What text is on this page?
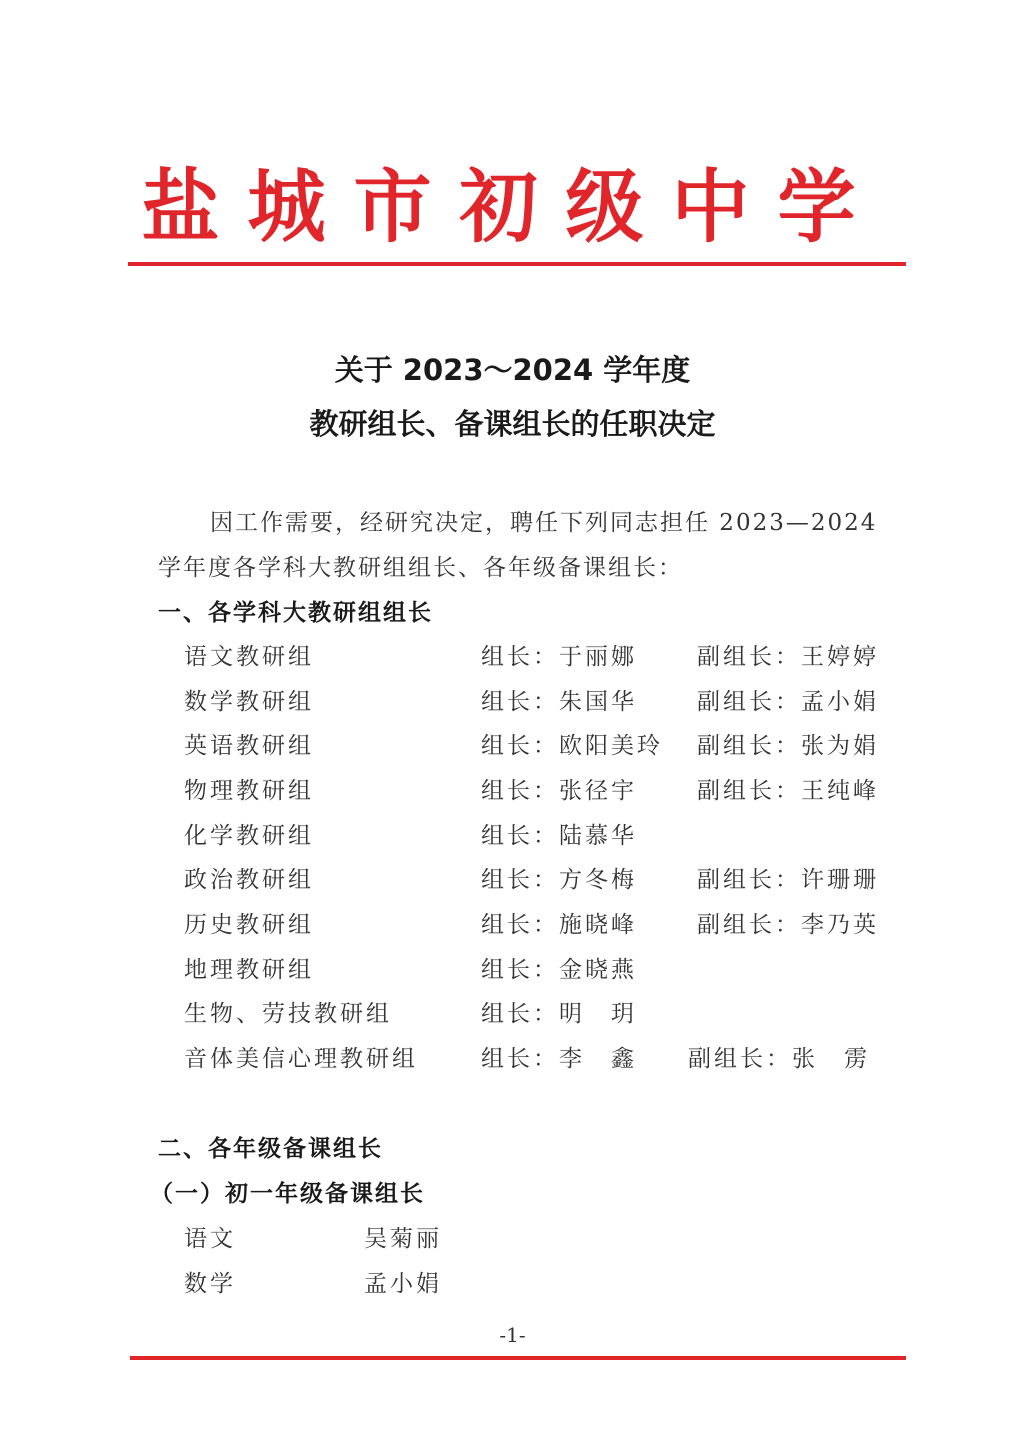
盐城市初级中学
关于 2023～2024 学年度
教研组长、备课组长的任职决定
因工作需要，经研究决定，聘任下列同志担任 2023—2024
学年度各学科大教研组组长、各年级备课组长：
一、各学科大教研组组长
语文教研组	组长：于丽娜	副组长：王婷婷
数学教研组	组长：朱国华	副组长：孟小娟
英语教研组	组长：欧阳美玲 副组长：张为娟
物理教研组	组长：张径宇	副组长：王纯峰
化学教研组	组长：陆慕华
政治教研组	组长：方冬梅	副组长：许珊珊
历史教研组	组长：施晓峰	副组长：李乃英
地理教研组	组长：金晓燕
生物、劳技教研组	组长：明　玥
音体美信心理教研组	组长：李　鑫 副组长：张　雳
二、各年级备课组长
（一）初一年级备课组长
语文	吴菊丽
数学	孟小娟
-1-
